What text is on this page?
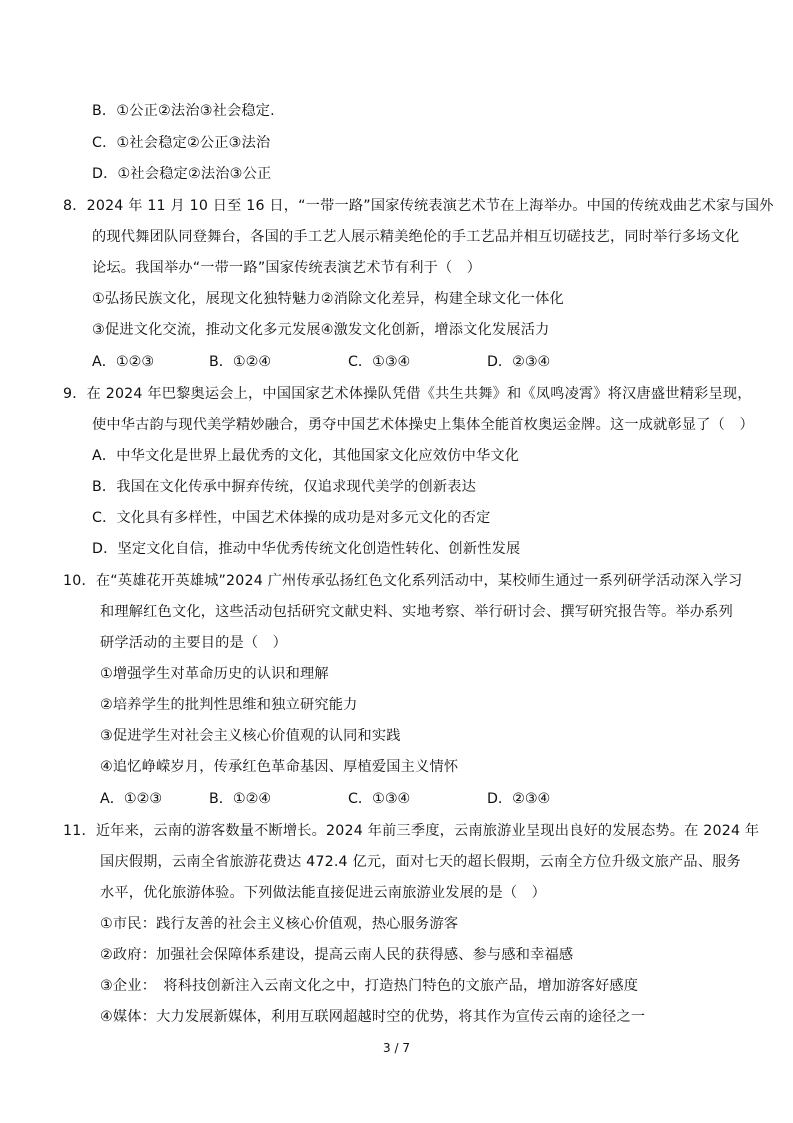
B．①公正②法治③社会稳定.
C．①社会稳定②公正③法治
D．①社会稳定②法治③公正
8．2024 年 11 月 10 日至 16 日，“一带一路”国家传统表演艺术节在上海举办。中国的传统戏曲艺术家与国外
的现代舞团队同登舞台，各国的手工艺人展示精美绝伦的手工艺品并相互切磋技艺，同时举行多场文化
论坛。我国举办“一带一路”国家传统表演艺术节有利于（　）
①弘扬民族文化，展现文化独特魅力②消除文化差异，构建全球文化一体化
③促进文化交流，推动文化多元发展④激发文化创新，增添文化发展活力
A．①②③	B．①②④	C．①③④	D．②③④
9．在 2024 年巴黎奥运会上，中国国家艺术体操队凭借《共生共舞》和《凤鸣凌霄》将汉唐盛世精彩呈现，
使中华古韵与现代美学精妙融合，勇夺中国艺术体操史上集体全能首枚奥运金牌。这一成就彰显了（　）
A．中华文化是世界上最优秀的文化，其他国家文化应效仿中华文化
B．我国在文化传承中摒弃传统，仅追求现代美学的创新表达
C．文化具有多样性，中国艺术体操的成功是对多元文化的否定
D．坚定文化自信，推动中华优秀传统文化创造性转化、创新性发展
10．在“英雄花开英雄城”2024 广州传承弘扬红色文化系列活动中，某校师生通过一系列研学活动深入学习
和理解红色文化，这些活动包括研究文献史料、实地考察、举行研讨会、撰写研究报告等。举办系列
研学活动的主要目的是（　）
①增强学生对革命历史的认识和理解
②培养学生的批判性思维和独立研究能力
③促进学生对社会主义核心价值观的认同和实践
④追忆峥嵘岁月，传承红色革命基因、厚植爱国主义情怀
A．①②③	B．①②④	C．①③④	D．②③④
11．近年来，云南的游客数量不断增长。2024 年前三季度，云南旅游业呈现出良好的发展态势。在 2024 年
国庆假期，云南全省旅游花费达 472.4 亿元，面对七天的超长假期，云南全方位升级文旅产品、服务
水平，优化旅游体验。下列做法能直接促进云南旅游业发展的是（　）
①市民：践行友善的社会主义核心价值观，热心服务游客
②政府：加强社会保障体系建设，提高云南人民的获得感、参与感和幸福感
③企业：　将科技创新注入云南文化之中，打造热门特色的文旅产品，增加游客好感度
④媒体：大力发展新媒体，利用互联网超越时空的优势，将其作为宣传云南的途径之一
3 / 7
